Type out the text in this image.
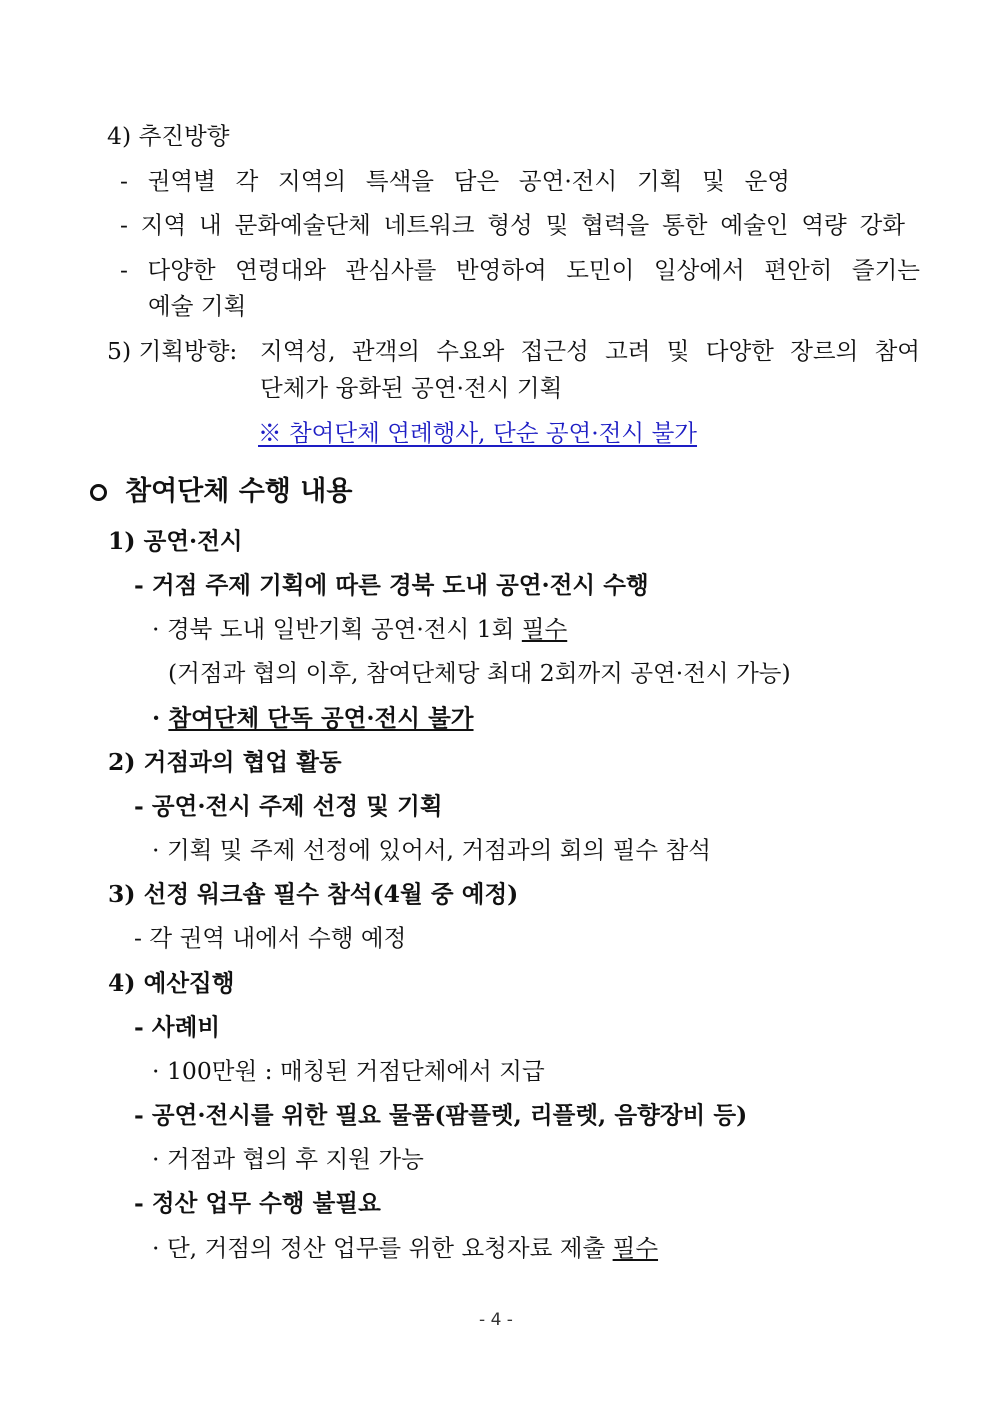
4) 추진방향
- 권역별 각 지역의 특색을 담은 공연·전시 기획 및 운영
- 지역 내 문화예술단체 네트워크 형성 및 협력을 통한 예술인 역량 강화
- 다양한 연령대와 관심사를 반영하여 도민이 일상에서 편안히 즐기는
예술 기획
5) 기획방향: 지역성, 관객의 수요와 접근성 고려 및 다양한 장르의 참여
단체가 융화된 공연·전시 기획
※ 참여단체 연례행사, 단순 공연·전시 불가
참여단체 수행 내용
1) 공연·전시
- 거점 주제 기획에 따른 경북 도내 공연·전시 수행
· 경북 도내 일반기획 공연·전시 1회 필수
(거점과 협의 이후, 참여단체당 최대 2회까지 공연·전시 가능)
· 참여단체 단독 공연·전시 불가
2) 거점과의 협업 활동
- 공연·전시 주제 선정 및 기획
· 기획 및 주제 선정에 있어서, 거점과의 회의 필수 참석
3) 선정 워크숍 필수 참석(4월 중 예정)
- 각 권역 내에서 수행 예정
4) 예산집행
- 사례비
· 100만원 : 매칭된 거점단체에서 지급
- 공연·전시를 위한 필요 물품(팜플렛, 리플렛, 음향장비 등)
· 거점과 협의 후 지원 가능
- 정산 업무 수행 불필요
· 단, 거점의 정산 업무를 위한 요청자료 제출 필수
- 4 -
